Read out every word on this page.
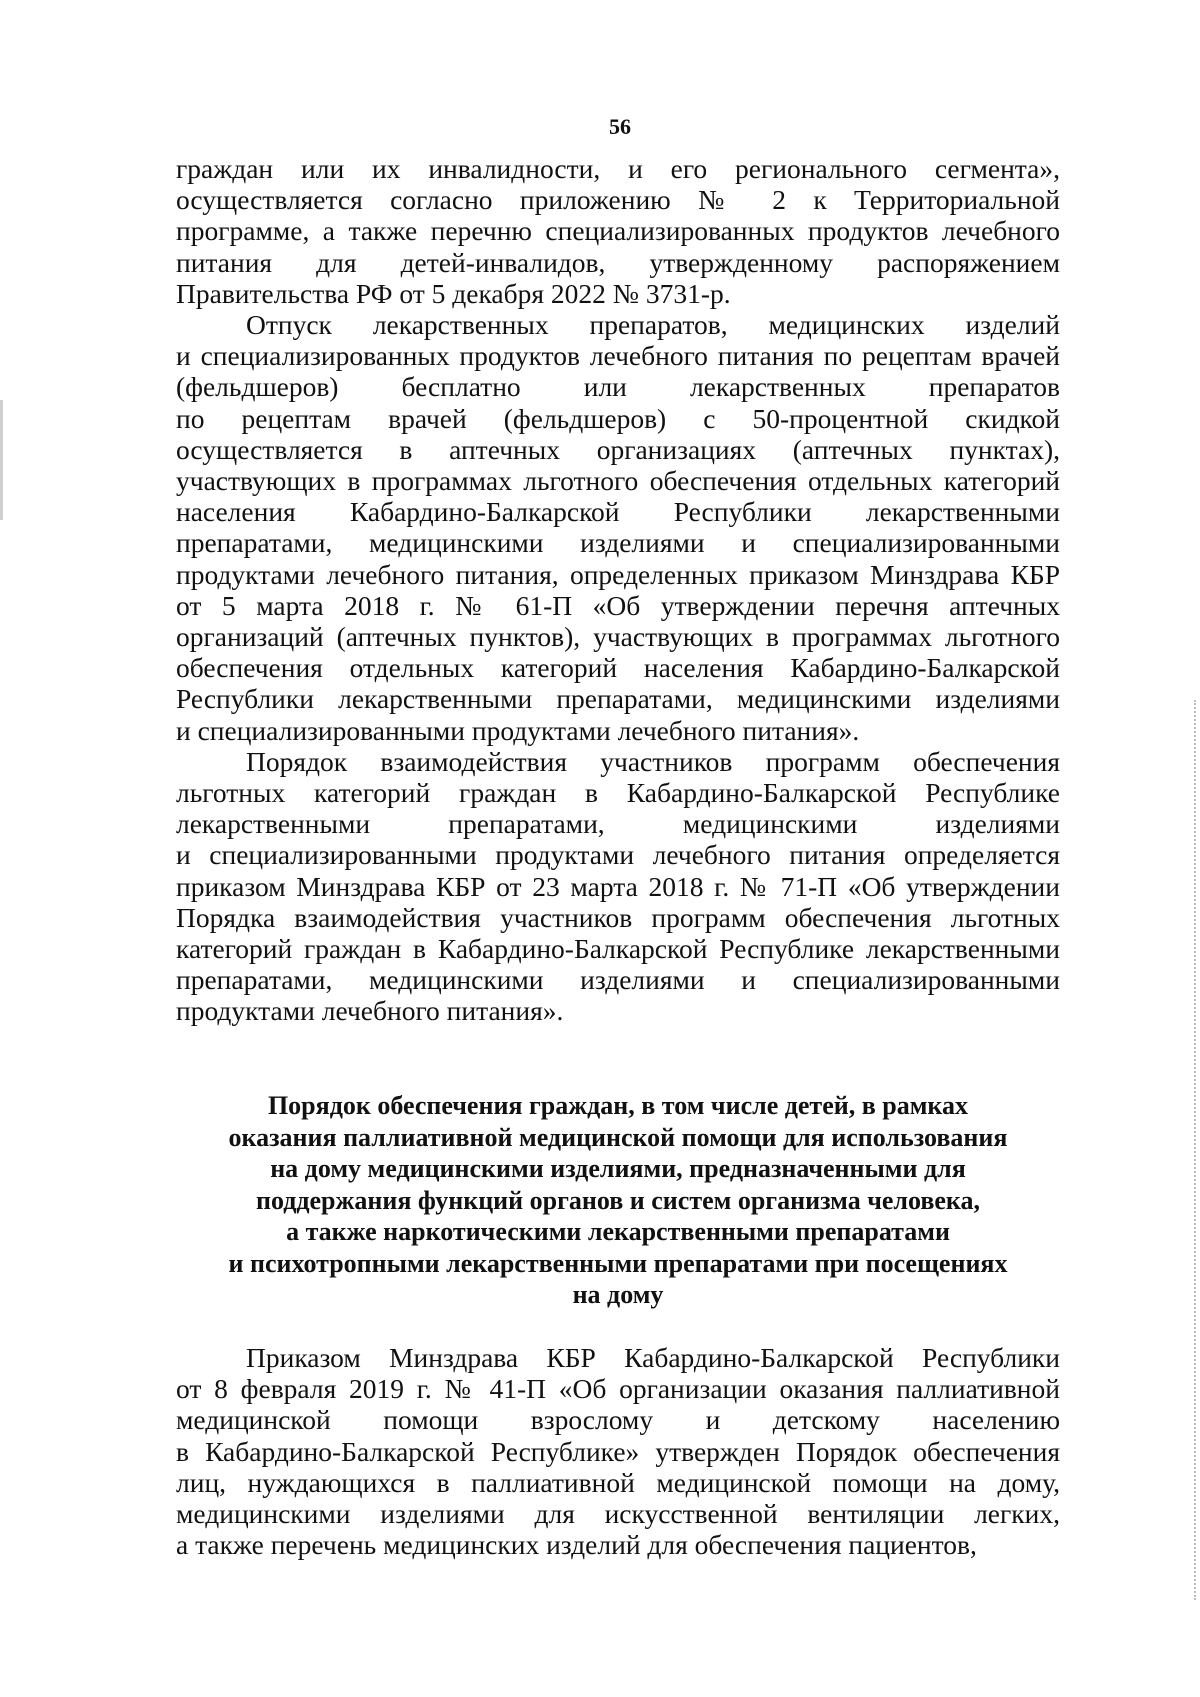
56

граждан или их инвалидности, и его регионального сегмента»,

осуществляется согласно приложению № 2 к Территориальной

программе, а также перечню специализированных продуктов лечебного

питания для детей-инвалидов, утвержденному распоряжением

Правительства РФ от 5 декабря 2022 № 3731-р.

Отпуск лекарственных препаратов, медицинских изделий

и специализированных продуктов лечебного питания по рецептам врачей

(фельдшеров) бесплатно или лекарственных препаратов

по рецептам врачей (фельдшеров) с 50-процентной скидкой

осуществляется в аптечных организациях (аптечных пунктах),

участвующих в программах льготного обеспечения отдельных категорий

населения Кабардино-Балкарской Республики лекарственными

препаратами, медицинскими изделиями и специализированными

продуктами лечебного питания, определенных приказом Минздрава КБР

от 5 марта 2018 г. № 61-П «Об утверждении перечня аптечных

организаций (аптечных пунктов), участвующих в программах льготного

обеспечения отдельных категорий населения Кабардино-Балкарской

Республики лекарственными препаратами, медицинскими изделиями

и специализированными продуктами лечебного питания».

Порядок взаимодействия участников программ обеспечения

льготных категорий граждан в Кабардино-Балкарской Республике

лекарственными препаратами, медицинскими изделиями

и специализированными продуктами лечебного питания определяется

приказом Минздрава КБР от 23 марта 2018 г. № 71-П «Об утверждении

Порядка взаимодействия участников программ обеспечения льготных

категорий граждан в Кабардино-Балкарской Республике лекарственными

препаратами, медицинскими изделиями и специализированными

продуктами лечебного питания».

Порядок обеспечения граждан, в том числе детей, в рамках
оказания паллиативной медицинской помощи для использования
на дому медицинскими изделиями, предназначенными для
поддержания функций органов и систем организма человека,
а также наркотическими лекарственными препаратами
и психотропными лекарственными препаратами при посещениях
на дому

Приказом Минздрава КБР Кабардино-Балкарской Республики

от 8 февраля 2019 г. № 41-П «Об организации оказания паллиативной

медицинской помощи взрослому и детскому населению

в Кабардино-Балкарской Республике» утвержден Порядок обеспечения

лиц, нуждающихся в паллиативной медицинской помощи на дому,

медицинскими изделиями для искусственной вентиляции легких,

а также перечень медицинских изделий для обеспечения пациентов,
